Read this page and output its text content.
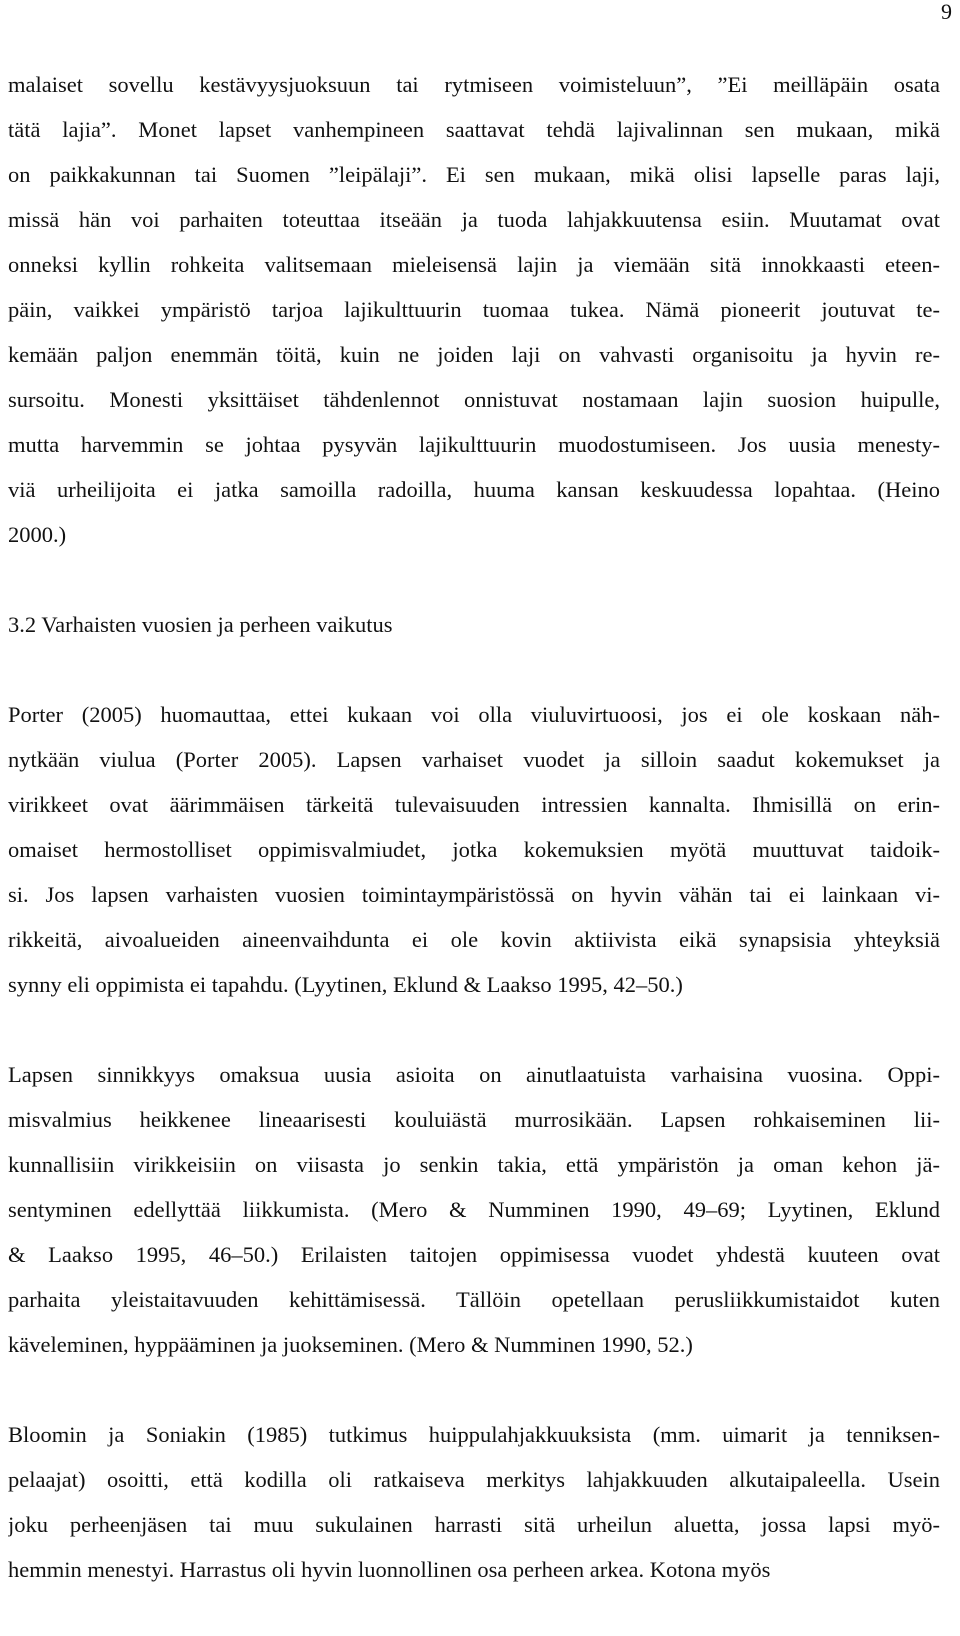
9
malaiset sovellu kestävyysjuoksuun tai rytmiseen voimisteluun”, ”Ei meilläpäin osata
tätä lajia”. Monet lapset vanhempineen saattavat tehdä lajivalinnan sen mukaan, mikä
on paikkakunnan tai Suomen ”leipälaji”. Ei sen mukaan, mikä olisi lapselle paras laji,
missä hän voi parhaiten toteuttaa itseään ja tuoda lahjakkuutensa esiin. Muutamat ovat
onneksi kyllin rohkeita valitsemaan mieleisensä lajin ja viemään sitä innokkaasti eteen-
päin, vaikkei ympäristö tarjoa lajikulttuurin tuomaa tukea. Nämä pioneerit joutuvat te-
kemään paljon enemmän töitä, kuin ne joiden laji on vahvasti organisoitu ja hyvin re-
sursoitu. Monesti yksittäiset tähdenlennot onnistuvat nostamaan lajin suosion huipulle,
mutta harvemmin se johtaa pysyvän lajikulttuurin muodostumiseen. Jos uusia menesty-
viä urheilijoita ei jatka samoilla radoilla, huuma kansan keskuudessa lopahtaa. (Heino
2000.)
3.2 Varhaisten vuosien ja perheen vaikutus
Porter (2005) huomauttaa, ettei kukaan voi olla viuluvirtuoosi, jos ei ole koskaan näh-
nytkään viulua (Porter 2005). Lapsen varhaiset vuodet ja silloin saadut kokemukset ja
virikkeet ovat äärimmäisen tärkeitä tulevaisuuden intressien kannalta. Ihmisillä on erin-
omaiset hermostolliset oppimisvalmiudet, jotka kokemuksien myötä muuttuvat taidoik-
si. Jos lapsen varhaisten vuosien toimintaympäristössä on hyvin vähän tai ei lainkaan vi-
rikkeitä, aivoalueiden aineenvaihdunta ei ole kovin aktiivista eikä synapsisia yhteyksiä
synny eli oppimista ei tapahdu. (Lyytinen, Eklund & Laakso 1995, 42–50.)
Lapsen sinnikkyys omaksua uusia asioita on ainutlaatuista varhaisina vuosina. Oppi-
misvalmius heikkenee lineaarisesti kouluiästä murrosikään. Lapsen rohkaiseminen lii-
kunnallisiin virikkeisiin on viisasta jo senkin takia, että ympäristön ja oman kehon jä-
sentyminen edellyttää liikkumista. (Mero & Numminen 1990, 49–69; Lyytinen, Eklund
& Laakso 1995, 46–50.) Erilaisten taitojen oppimisessa vuodet yhdestä kuuteen ovat
parhaita yleistaitavuuden kehittämisessä. Tällöin opetellaan perusliikkumistaidot kuten
käveleminen, hyppääminen ja juokseminen. (Mero & Numminen 1990, 52.)
Bloomin ja Soniakin (1985) tutkimus huippulahjakkuuksista (mm. uimarit ja tenniksen-
pelaajat) osoitti, että kodilla oli ratkaiseva merkitys lahjakkuuden alkutaipaleella. Usein
joku perheenjäsen tai muu sukulainen harrasti sitä urheilun aluetta, jossa lapsi myö-
hemmin menestyi. Harrastus oli hyvin luonnollinen osa perheen arkea. Kotona myös
